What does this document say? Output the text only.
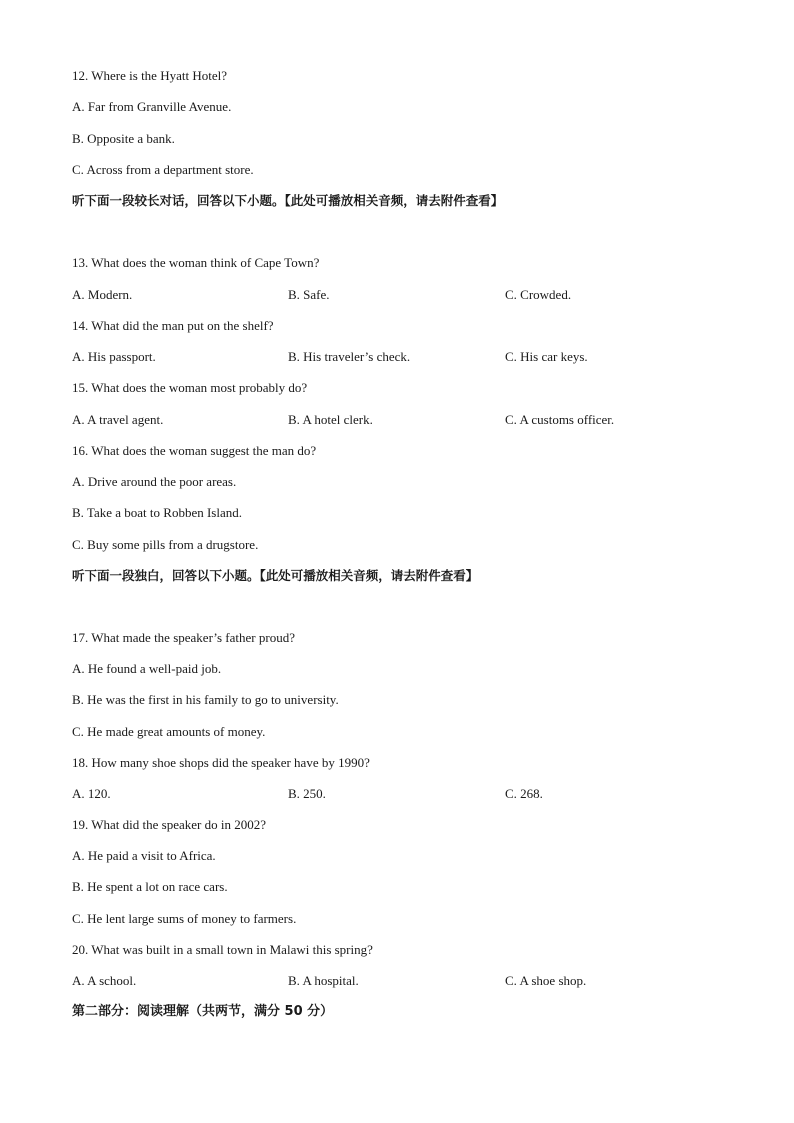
12. Where is the Hyatt Hotel?
A. Far from Granville Avenue.
B. Opposite a bank.
C. Across from a department store.
听下面一段较长对话，回答以下小题。【此处可播放相关音频，请去附件查看】
13. What does the woman think of Cape Town?
A. Modern.	B. Safe.	C. Crowded.
14. What did the man put on the shelf?
A. His passport.	B. His traveler’s check.	C. His car keys.
15. What does the woman most probably do?
A. A travel agent.	B. A hotel clerk.	C. A customs officer.
16. What does the woman suggest the man do?
A. Drive around the poor areas.
B. Take a boat to Robben Island.
C. Buy some pills from a drugstore.
听下面一段独白，回答以下小题。【此处可播放相关音频，请去附件查看】
17. What made the speaker’s father proud?
A. He found a well-paid job.
B. He was the first in his family to go to university.
C. He made great amounts of money.
18. How many shoe shops did the speaker have by 1990?
A. 120.	B. 250.	C. 268.
19. What did the speaker do in 2002?
A. He paid a visit to Africa.
B. He spent a lot on race cars.
C. He lent large sums of money to farmers.
20. What was built in a small town in Malawi this spring?
A. A school.	B. A hospital.	C. A shoe shop.
第二部分：阅读理解（共两节，满分 50 分）
